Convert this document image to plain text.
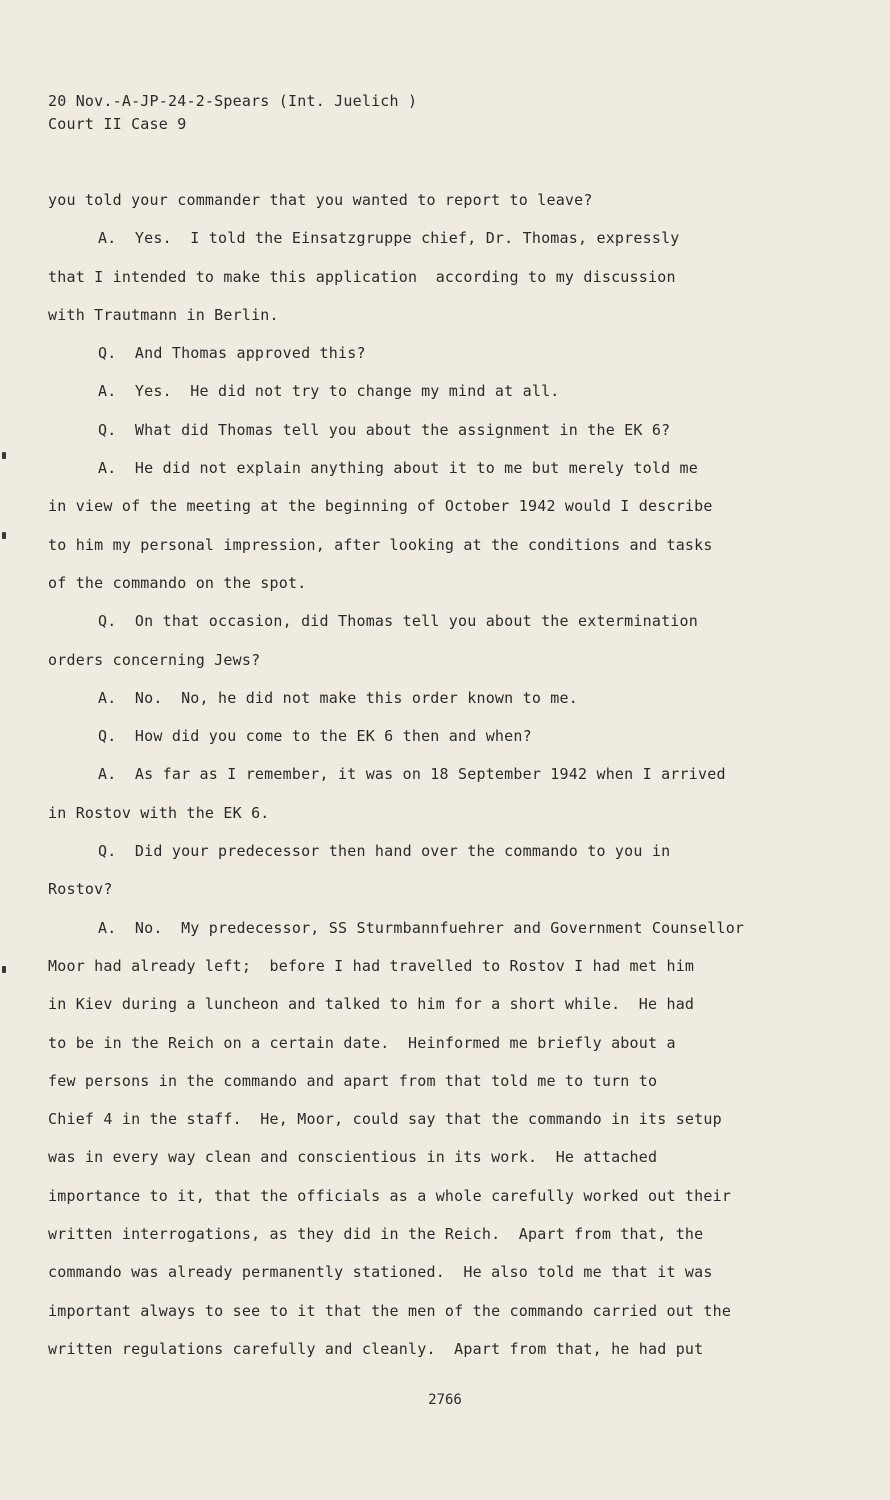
20 Nov.-A-JP-24-2-Spears (Int. Juelich )
Court II Case 9
you told your commander that you wanted to report to leave?
A.  Yes.  I told the Einsatzgruppe chief, Dr. Thomas, expressly
that I intended to make this application  according to my discussion
with Trautmann in Berlin.
Q.  And Thomas approved this?
A.  Yes.  He did not try to change my mind at all.
Q.  What did Thomas tell you about the assignment in the EK 6?
A.  He did not explain anything about it to me but merely told me
in view of the meeting at the beginning of October 1942 would I describe
to him my personal impression, after looking at the conditions and tasks
of the commando on the spot.
Q.  On that occasion, did Thomas tell you about the extermination
orders concerning Jews?
A.  No.  No, he did not make this order known to me.
Q.  How did you come to the EK 6 then and when?
A.  As far as I remember, it was on 18 September 1942 when I arrived
in Rostov with the EK 6.
Q.  Did your predecessor then hand over the commando to you in
Rostov?
A.  No.  My predecessor, SS Sturmbannfuehrer and Government Counsellor
Moor had already left;  before I had travelled to Rostov I had met him
in Kiev during a luncheon and talked to him for a short while.  He had
to be in the Reich on a certain date.  Heinformed me briefly about a
few persons in the commando and apart from that told me to turn to
Chief 4 in the staff.  He, Moor, could say that the commando in its setup
was in every way clean and conscientious in its work.  He attached
importance to it, that the officials as a whole carefully worked out their
written interrogations, as they did in the Reich.  Apart from that, the
commando was already permanently stationed.  He also told me that it was
important always to see to it that the men of the commando carried out the
written regulations carefully and cleanly.  Apart from that, he had put
2766
